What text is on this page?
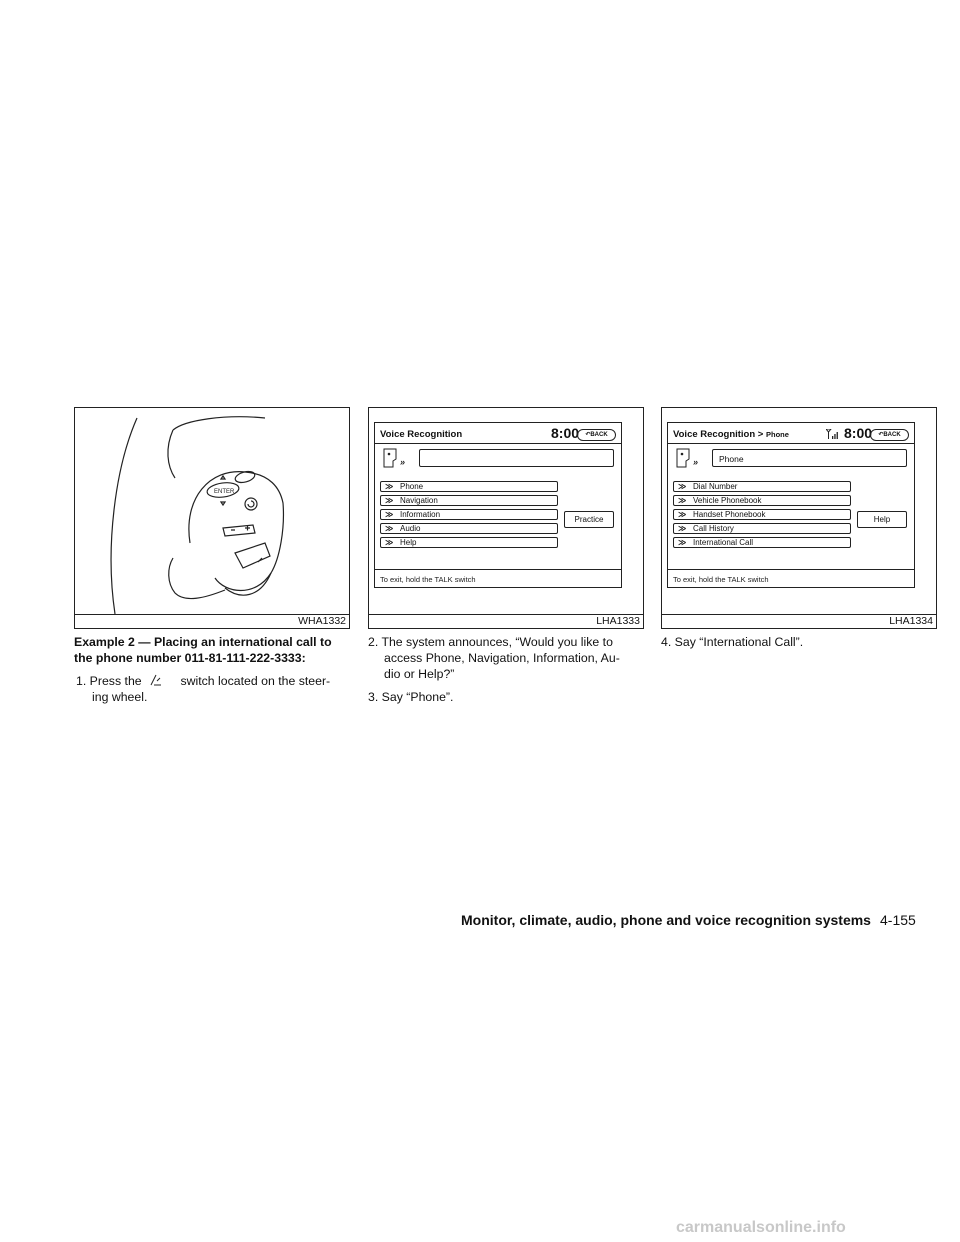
ENTER
WHA1332
Voice Recognition	8:00	↶BACK
»
≫ Phone
≫ Navigation
≫ Information
≫ Audio
≫ Help
Practice
To exit, hold the TALK switch
LHA1333
Voice Recognition > Phone	8:00	↶BACK
»	Phone
≫ Dial Number
≫ Vehicle Phonebook
≫ Handset Phonebook
≫ Call History
≫ International Call
Help
To exit, hold the TALK switch
LHA1334
Example 2 — Placing an international call to the phone number 011-81-111-222-3333:
1. Press the	switch located on the steer-
ing wheel.
2. The system announces, “Would you like to
access Phone, Navigation, Information, Au-
dio or Help?”
3. Say “Phone”.
4. Say “International Call”.
Monitor, climate, audio, phone and voice recognition systems 4-155
carmanualsonline.info
